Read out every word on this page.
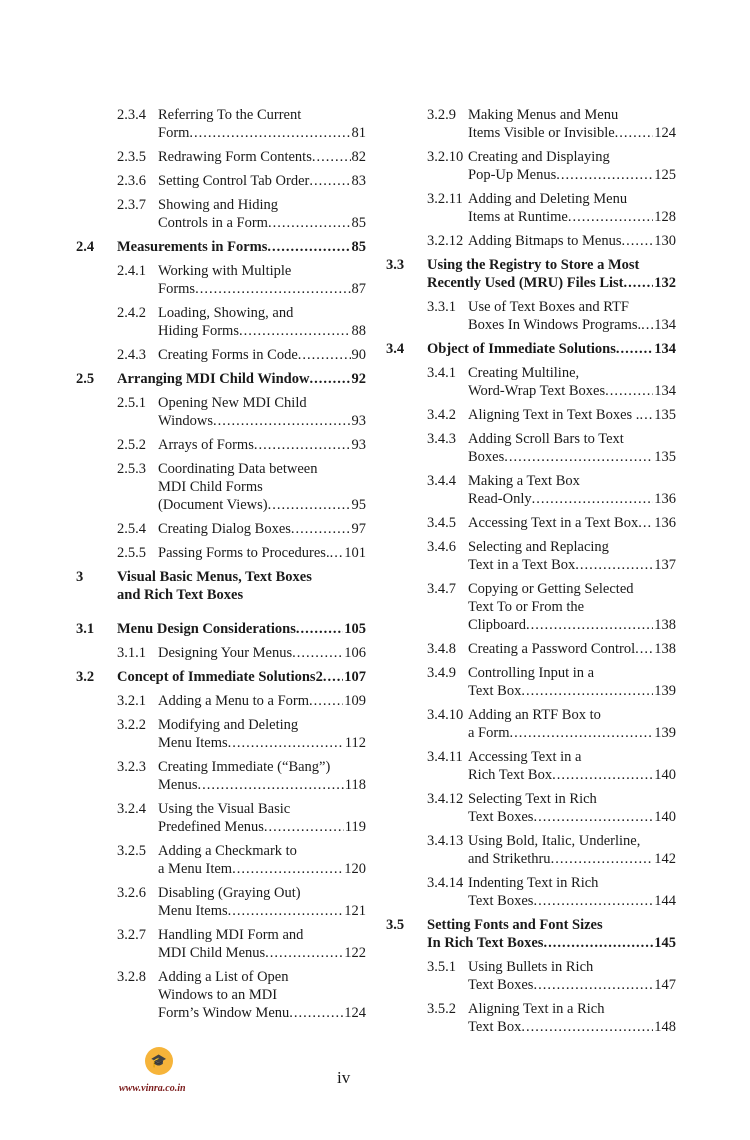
2.3.4 Referring To the Current
Form .....	81
2.3.5 Redrawing Form Contents .....	82
2.3.6 Setting Control Tab Order .....	83
2.3.7 Showing and Hiding
Controls in a Form .....	85
2.4 Measurements in Forms .....	85
2.4.1 Working with Multiple
Forms .....	87
2.4.2 Loading, Showing, and
Hiding Forms .....	88
2.4.3 Creating Forms in Code .....	90
2.5 Arranging MDI Child Window .....	92
2.5.1 Opening New MDI Child
Windows .....	93
2.5.2 Arrays of Forms .....	93
2.5.3 Coordinating Data between
MDI Child Forms
(Document Views) .....	95
2.5.4 Creating Dialog Boxes .....	97
2.5.5 Passing Forms to Procedures. ..... 101
3 Visual Basic Menus, Text Boxes
and Rich Text Boxes
3.1 Menu Design Considerations .....	105
3.1.1 Designing Your Menus .....	106
3.2 Concept of Immediate Solutions2 ..... 107
3.2.1 Adding a Menu to a Form ..... 109
3.2.2 Modifying and Deleting
Menu Items .....	112
3.2.3 Creating Immediate (“Bang”)
Menus .....	118
3.2.4 Using the Visual Basic
Predefined Menus .....	119
3.2.5 Adding a Checkmark to
a Menu Item .....	120
3.2.6 Disabling (Graying Out)
Menu Items .....	121
3.2.7 Handling MDI Form and
MDI Child Menus .....	122
3.2.8 Adding a List of Open
Windows to an MDI
Form’s Window Menu .....	124
3.2.9 Making Menus and Menu
Items Visible or Invisible .....	124
3.2.10 Creating and Displaying
Pop-Up Menus .....	125
3.2.11 Adding and Deleting Menu
Items at Runtime .....	128
3.2.12 Adding Bitmaps to Menus ..... 130
3.3 Using the Registry to Store a Most
Recently Used (MRU) Files List ..... 132
3.3.1 Use of Text Boxes and RTF
Boxes In Windows Programs. ..... 134
3.4 Object of Immediate Solutions .....	134
3.4.1 Creating Multiline,
Word-Wrap Text Boxes .....	134
3.4.2 Aligning Text in Text Boxes . ..... 135
3.4.3 Adding Scroll Bars to Text
Boxes .....	135
3.4.4 Making a Text Box
Read-Only .....	136
3.4.5 Accessing Text in a Text Box ..... 136
3.4.6 Selecting and Replacing
Text in a Text Box .....	137
3.4.7 Copying or Getting Selected
Text To or From the
Clipboard .....	138
3.4.8 Creating a Password Control ..... 138
3.4.9 Controlling Input in a
Text Box .....	139
3.4.10 Adding an RTF Box to
a Form .....	139
3.4.11 Accessing Text in a
Rich Text Box .....	140
3.4.12 Selecting Text in Rich
Text Boxes .....	140
3.4.13 Using Bold, Italic, Underline,
and Strikethru .....	142
3.4.14 Indenting Text in Rich
Text Boxes .....	144
3.5 Setting Fonts and Font Sizes
In Rich Text Boxes .....	145
3.5.1 Using Bullets in Rich
Text Boxes .....	147
3.5.2 Aligning Text in a Rich
Text Box .....	148
🎓
www.vinra.co.in
iv
